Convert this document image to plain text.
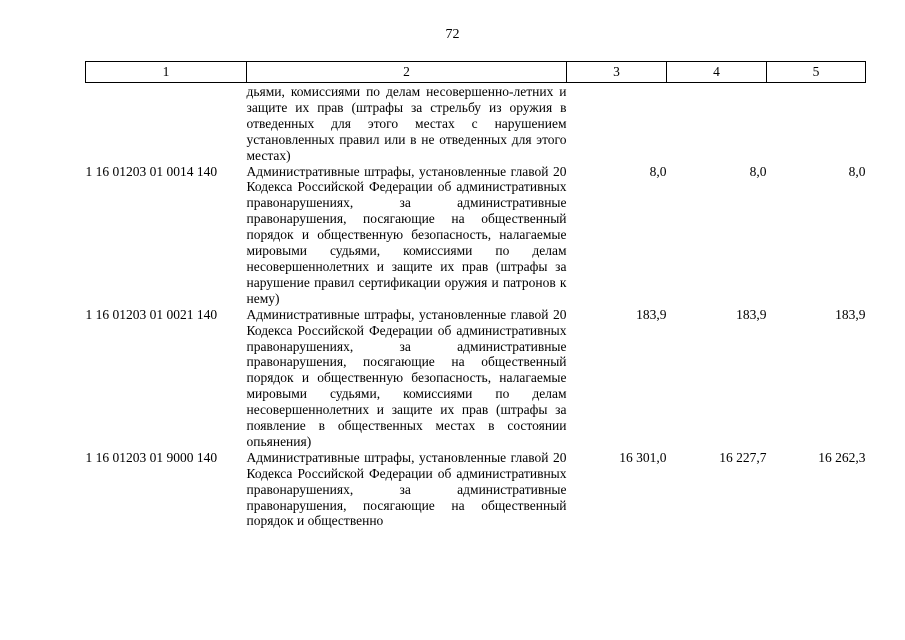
72
1	2	3	4	5
	дьями, комиссиями по делам несовершенно-летних и защите их прав (штрафы за стрельбу из оружия в отведенных для этого местах с нарушением установленных правил или в не отведенных для этого местах)			
1 16 01203 01 0014 140	Административные штрафы, установленные главой 20 Кодекса Российской Федерации об административных правонарушениях, за административные правонарушения, посягающие на общественный порядок и общественную безопасность, налагаемые мировыми судьями, комиссиями по делам несовершеннолетних и защите их прав (штрафы за нарушение правил сертификации оружия и патронов к нему)	8,0	8,0	8,0
1 16 01203 01 0021 140	Административные штрафы, установленные главой 20 Кодекса Российской Федерации об административных правонарушениях, за административные правонарушения, посягающие на общественный порядок и общественную безопасность, налагаемые мировыми судьями, комиссиями по делам несовершеннолетних и защите их прав (штрафы за появление в общественных местах в состоянии опьянения)	183,9	183,9	183,9
1 16 01203 01 9000 140	Административные штрафы, установленные главой 20 Кодекса Российской Федерации об административных правонарушениях, за административные правонарушения, посягающие на общественный порядок и общественно	16 301,0	16 227,7	16 262,3
